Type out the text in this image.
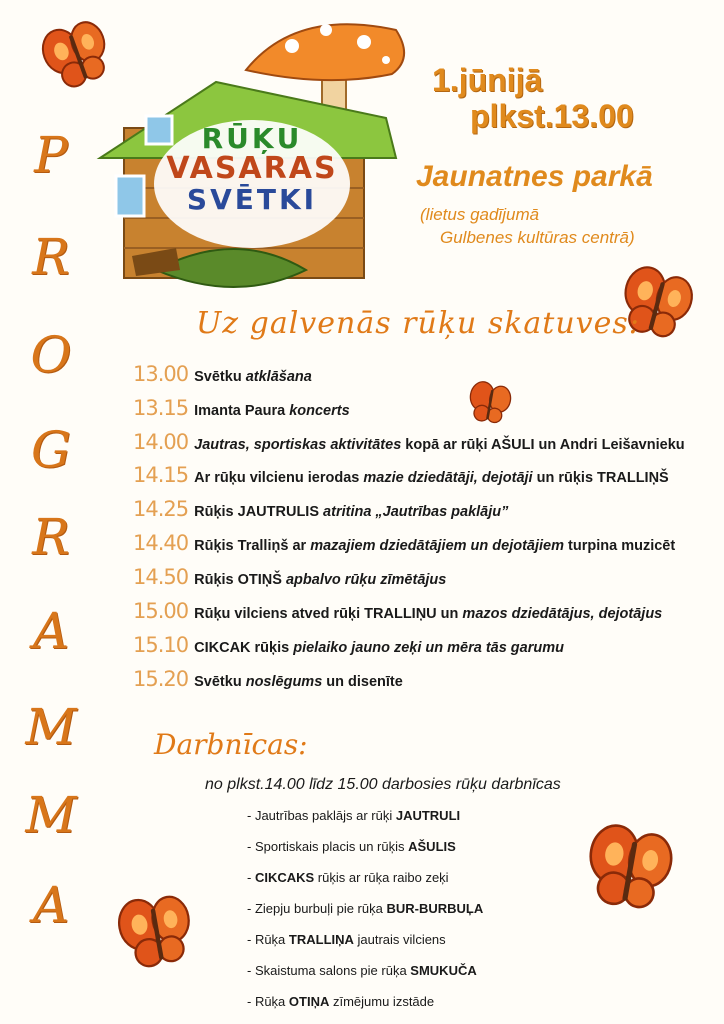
RŪĶU
VASARAS
SVĒTKI
1.jūnijā
plkst.13.00
Jaunatnes parkā
(lietus gadījumā
Gulbenes kultūras centrā)
P
R
O
G
R
A
M
M
A
Uz galvenās rūķu skatuves:
13.00 Svētku atklāšana
13.15 Imanta Paura koncerts
14.00 Jautras, sportiskas aktivitātes kopā ar rūķi AŠULI un Andri Leišavnieku
14.15 Ar rūķu vilcienu ierodas mazie dziedātāji, dejotāji un rūķis TRALLIŅŠ
14.25 Rūķis JAUTRULIS atritina „Jautrības paklāju”
14.40 Rūķis Tralliņš ar mazajiem dziedātājiem un dejotājiem turpina muzicēt
14.50 Rūķis OTIŅŠ apbalvo rūķu zīmētājus
15.00 Rūķu vilciens atved rūķi TRALLIŅU un mazos dziedātājus, dejotājus
15.10 CIKCAK rūķis pielaiko jauno zeķi un mēra tās garumu
15.20 Svētku noslēgums un disenīte
Darbnīcas:
no plkst.14.00 līdz 15.00 darbosies rūķu darbnīcas
- Jautrības paklājs ar rūķi JAUTRULI
- Sportiskais placis un rūķis AŠULIS
- CIKCAKS rūķis ar rūķa raibo zeķi
- Ziepju burbuļi pie rūķa BUR-BURBUĻA
- Rūķa TRALLIŅA jautrais vilciens
- Skaistuma salons pie rūķa SMUKUČA
- Rūķa OTIŅA zīmējumu izstāde
